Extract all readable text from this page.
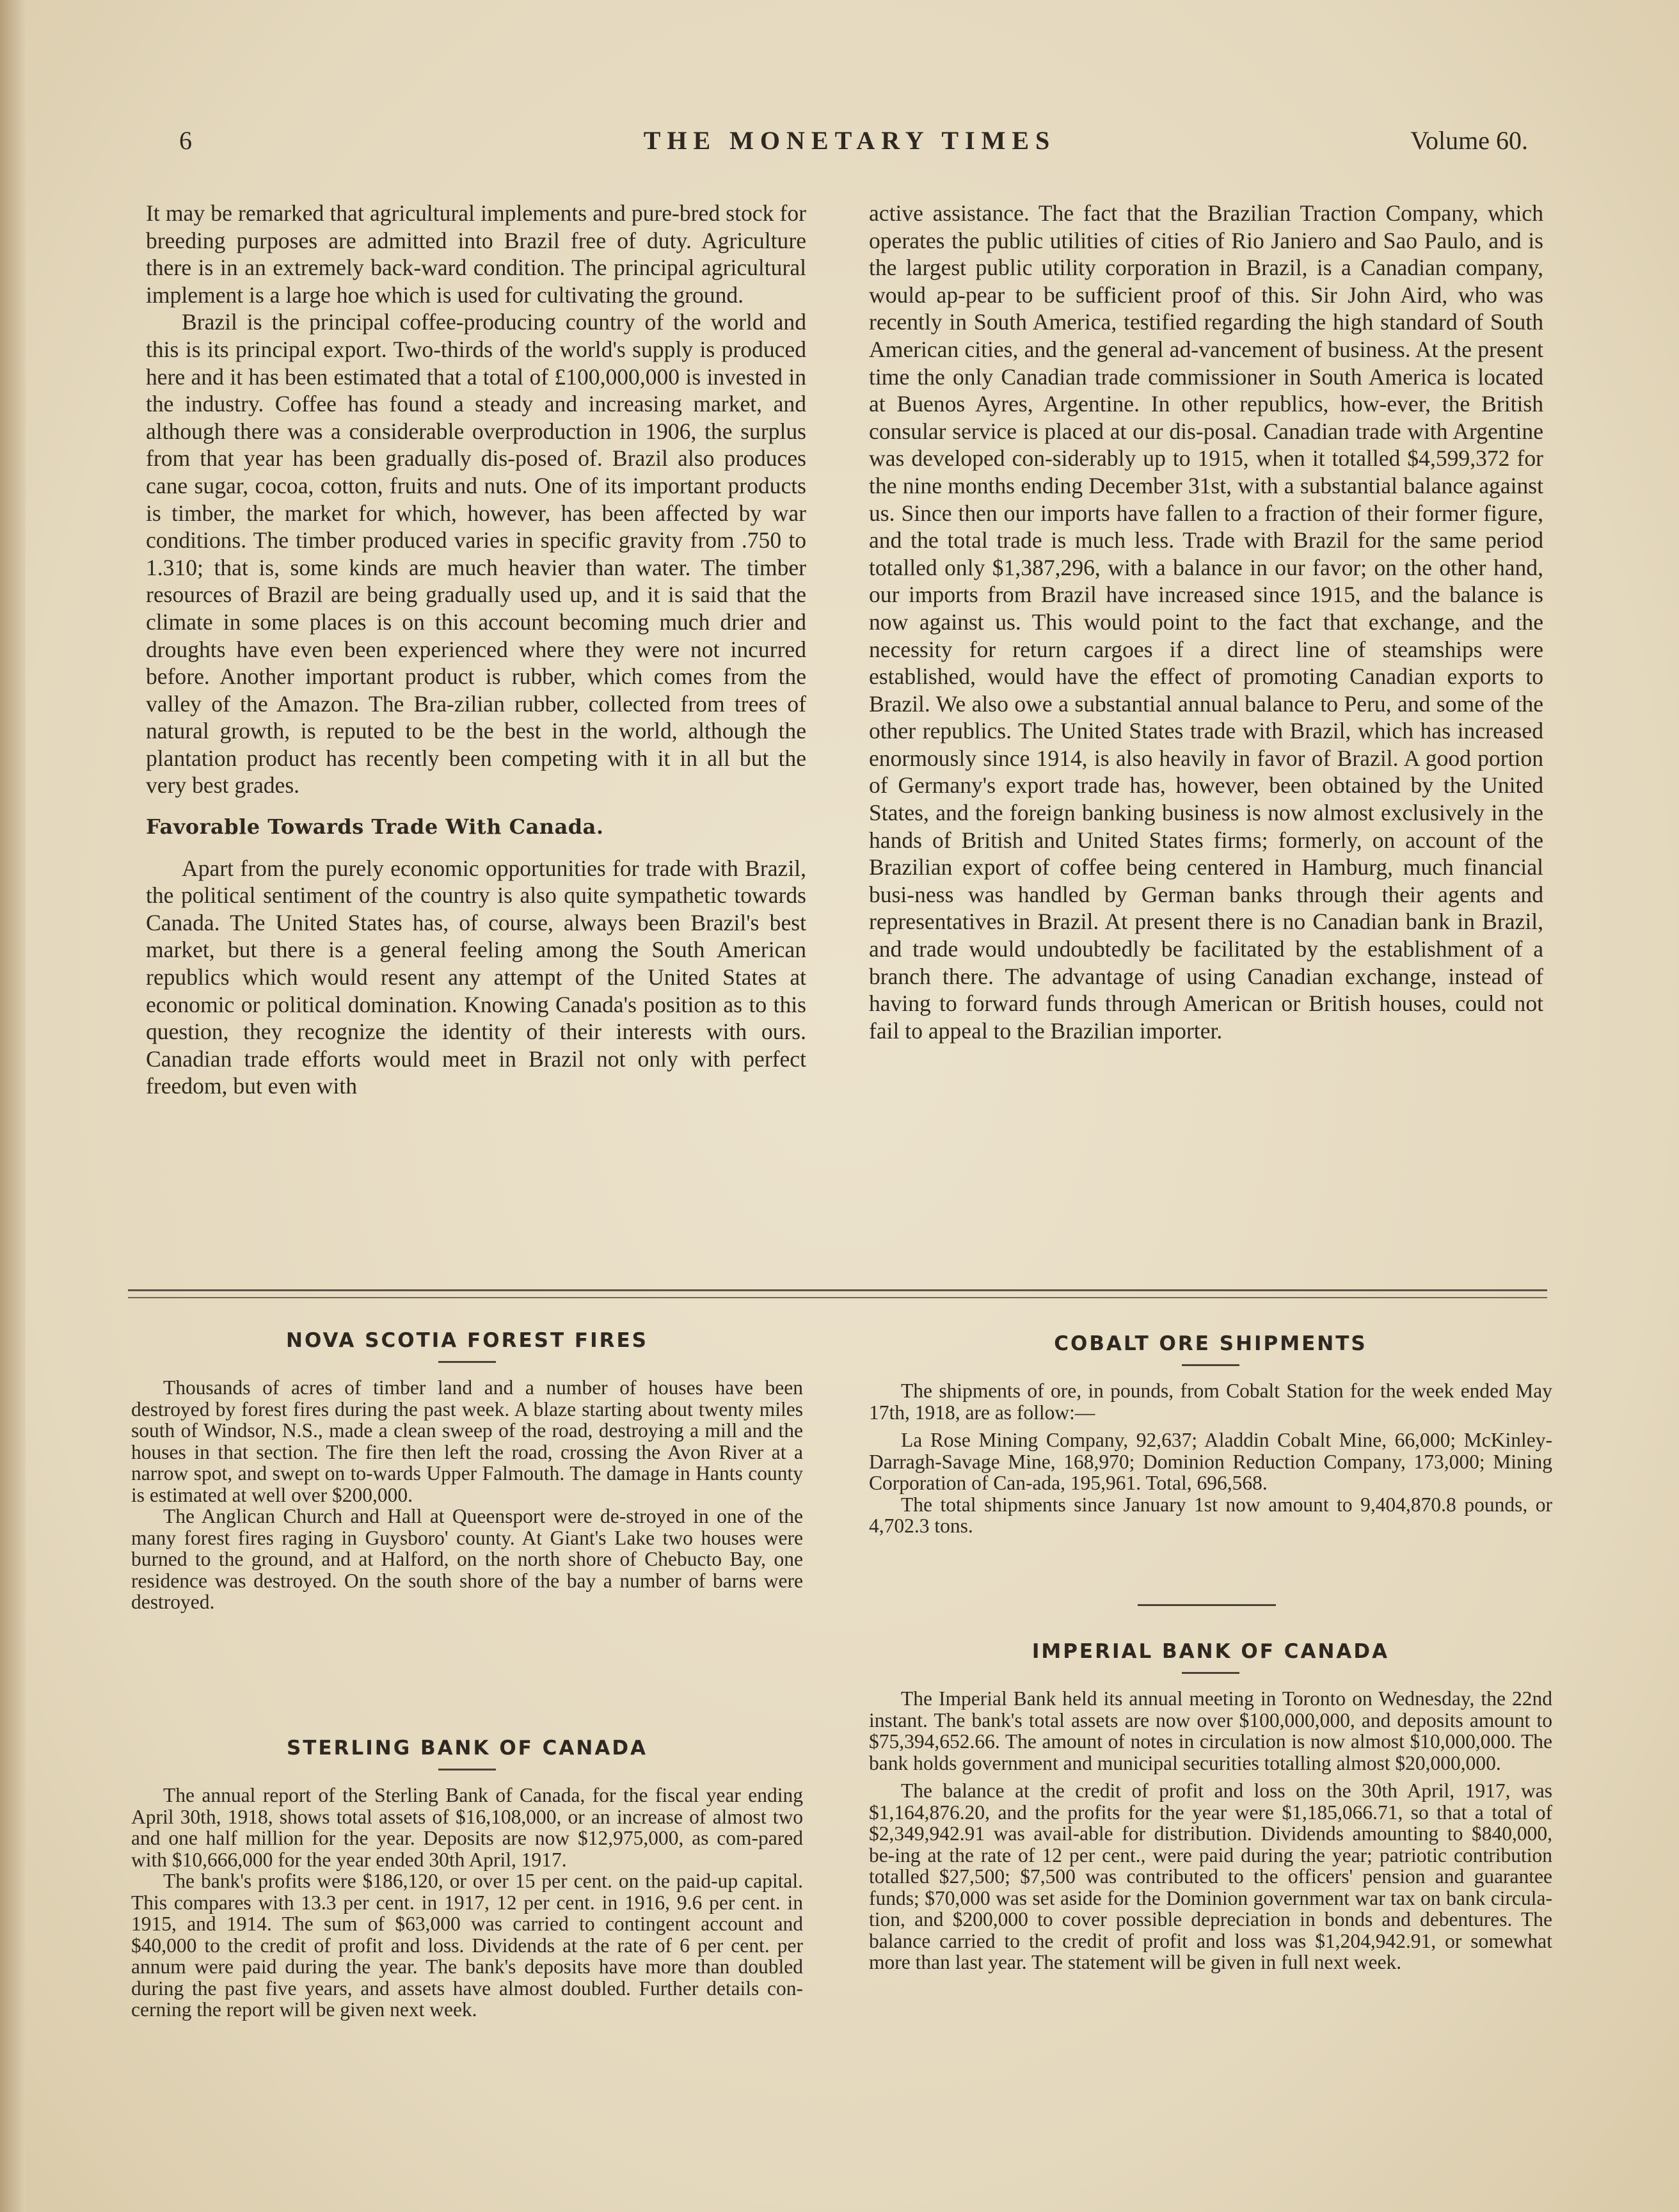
6	THE MONETARY TIMES	Volume 60.

It may be remarked that agricultural implements and pure-bred stock for breeding purposes are admitted into Brazil free of duty. Agriculture there is in an extremely back-ward condition. The principal agricultural implement is a large hoe which is used for cultivating the ground.

Brazil is the principal coffee-producing country of the world and this is its principal export. Two-thirds of the world's supply is produced here and it has been estimated that a total of £100,000,000 is invested in the industry. Coffee has found a steady and increasing market, and although there was a considerable overproduction in 1906, the surplus from that year has been gradually dis-posed of. Brazil also produces cane sugar, cocoa, cotton, fruits and nuts. One of its important products is timber, the market for which, however, has been affected by war conditions. The timber produced varies in specific gravity from .750 to 1.310; that is, some kinds are much heavier than water. The timber resources of Brazil are being gradually used up, and it is said that the climate in some places is on this account becoming much drier and droughts have even been experienced where they were not incurred before. Another important product is rubber, which comes from the valley of the Amazon. The Bra-zilian rubber, collected from trees of natural growth, is reputed to be the best in the world, although the plantation product has recently been competing with it in all but the very best grades.

Favorable Towards Trade With Canada.

Apart from the purely economic opportunities for trade with Brazil, the political sentiment of the country is also quite sympathetic towards Canada. The United States has, of course, always been Brazil's best market, but there is a general feeling among the South American republics which would resent any attempt of the United States at economic or political domination. Knowing Canada's position as to this question, they recognize the identity of their interests with ours. Canadian trade efforts would meet in Brazil not only with perfect freedom, but even with

active assistance. The fact that the Brazilian Traction Company, which operates the public utilities of cities of Rio Janiero and Sao Paulo, and is the largest public utility corporation in Brazil, is a Canadian company, would ap-pear to be sufficient proof of this. Sir John Aird, who was recently in South America, testified regarding the high standard of South American cities, and the general ad-vancement of business. At the present time the only Canadian trade commissioner in South America is located at Buenos Ayres, Argentine. In other republics, how-ever, the British consular service is placed at our dis-posal. Canadian trade with Argentine was developed con-siderably up to 1915, when it totalled $4,599,372 for the nine months ending December 31st, with a substantial balance against us. Since then our imports have fallen to a fraction of their former figure, and the total trade is much less. Trade with Brazil for the same period totalled only $1,387,296, with a balance in our favor; on the other hand, our imports from Brazil have increased since 1915, and the balance is now against us. This would point to the fact that exchange, and the necessity for return cargoes if a direct line of steamships were established, would have the effect of promoting Canadian exports to Brazil. We also owe a substantial annual balance to Peru, and some of the other republics. The United States trade with Brazil, which has increased enormously since 1914, is also heavily in favor of Brazil. A good portion of Germany's export trade has, however, been obtained by the United States, and the foreign banking business is now almost exclusively in the hands of British and United States firms; formerly, on account of the Brazilian export of coffee being centered in Hamburg, much financial busi-ness was handled by German banks through their agents and representatives in Brazil. At present there is no Canadian bank in Brazil, and trade would undoubtedly be facilitated by the establishment of a branch there. The advantage of using Canadian exchange, instead of having to forward funds through American or British houses, could not fail to appeal to the Brazilian importer.

NOVA SCOTIA FOREST FIRES

Thousands of acres of timber land and a number of houses have been destroyed by forest fires during the past week. A blaze starting about twenty miles south of Windsor, N.S., made a clean sweep of the road, destroying a mill and the houses in that section. The fire then left the road, crossing the Avon River at a narrow spot, and swept on to-wards Upper Falmouth. The damage in Hants county is estimated at well over $200,000.

The Anglican Church and Hall at Queensport were de-stroyed in one of the many forest fires raging in Guysboro' county. At Giant's Lake two houses were burned to the ground, and at Halford, on the north shore of Chebucto Bay, one residence was destroyed. On the south shore of the bay a number of barns were destroyed.

STERLING BANK OF CANADA

The annual report of the Sterling Bank of Canada, for the fiscal year ending April 30th, 1918, shows total assets of $16,108,000, or an increase of almost two and one half million for the year. Deposits are now $12,975,000, as com-pared with $10,666,000 for the year ended 30th April, 1917.

The bank's profits were $186,120, or over 15 per cent. on the paid-up capital. This compares with 13.3 per cent. in 1917, 12 per cent. in 1916, 9.6 per cent. in 1915, and 1914. The sum of $63,000 was carried to contingent account and $40,000 to the credit of profit and loss. Dividends at the rate of 6 per cent. per annum were paid during the year. The bank's deposits have more than doubled during the past five years, and assets have almost doubled. Further details con-cerning the report will be given next week.

COBALT ORE SHIPMENTS

The shipments of ore, in pounds, from Cobalt Station for the week ended May 17th, 1918, are as follow:—

La Rose Mining Company, 92,637; Aladdin Cobalt Mine, 66,000; McKinley-Darragh-Savage Mine, 168,970; Dominion Reduction Company, 173,000; Mining Corporation of Can-ada, 195,961. Total, 696,568.

The total shipments since January 1st now amount to 9,404,870.8 pounds, or 4,702.3 tons.

IMPERIAL BANK OF CANADA

The Imperial Bank held its annual meeting in Toronto on Wednesday, the 22nd instant. The bank's total assets are now over $100,000,000, and deposits amount to $75,394,652.66. The amount of notes in circulation is now almost $10,000,000. The bank holds government and municipal securities totalling almost $20,000,000.

The balance at the credit of profit and loss on the 30th April, 1917, was $1,164,876.20, and the profits for the year were $1,185,066.71, so that a total of $2,349,942.91 was avail-able for distribution. Dividends amounting to $840,000, be-ing at the rate of 12 per cent., were paid during the year; patriotic contribution totalled $27,500; $7,500 was contributed to the officers' pension and guarantee funds; $70,000 was set aside for the Dominion government war tax on bank circula-tion, and $200,000 to cover possible depreciation in bonds and debentures. The balance carried to the credit of profit and loss was $1,204,942.91, or somewhat more than last year. The statement will be given in full next week.
